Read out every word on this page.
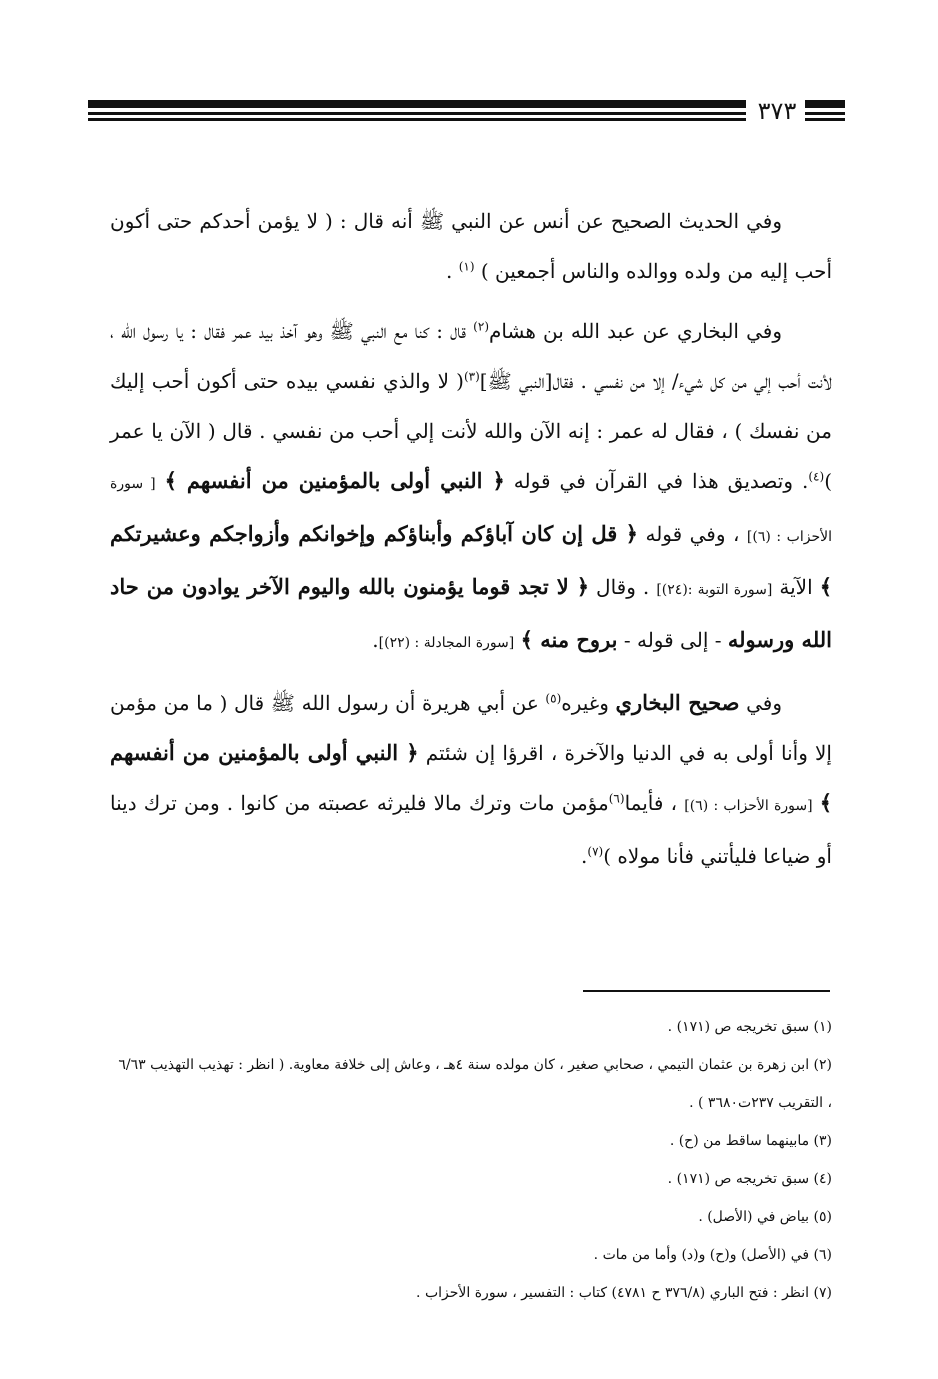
٣٧٣

وفي الحديث الصحيح عن أنس عن النبي ﷺ أنه قال : ( لا يؤمن أحدكم حتى أكون أحب إليه من ولده ووالده والناس أجمعين ) $^{(١)}$ .

وفي البخاري عن عبد الله بن هشام$^{(٢)}$ قال : كنا مع النبي ﷺ وهو آخذ بيد عمر فقال : يا رسول الله ، لأنت أحب إلي من كل شيء/ إلا من نفسي . فقال[النبي ﷺ]$^{(٣)}$( لا والذي نفسي بيده حتى أكون أحب إليك من نفسك ) ، فقال له عمر : إنه الآن والله لأنت إلي أحب من نفسي . قال ( الآن يا عمر )$^{(٤)}$. وتصديق هذا في القرآن في قوله ﴿ النبي أولى بالمؤمنين من أنفسهم ﴾ [ سورة الأحزاب : (٦)] ، وفي قوله ﴿ قل إن كان آباؤكم وأبناؤكم وإخوانكم وأزواجكم وعشيرتكم ﴾ الآية [سورة التوبة :(٢٤)] . وقال ﴿ لا تجد قوما يؤمنون بالله واليوم الآخر يوادون من حاد الله ورسوله - إلى قوله - بروح منه ﴾ [سورة المجادلة : (٢٢)].

وفي صحيح البخاري وغيره$^{(٥)}$ عن أبي هريرة أن رسول الله ﷺ قال ( ما من مؤمن إلا وأنا أولى به في الدنيا والآخرة ، اقرؤا إن شئتم ﴿ النبي أولى بالمؤمنين من أنفسهم ﴾ [سورة الأحزاب : (٦)] ، فأيما$^{(٦)}$مؤمن مات وترك مالا فليرثه عصبته من كانوا . ومن ترك دينا أو ضياعا فليأتني فأنا مولاه )$^{(٧)}$.

(١) سبق تخريجه ص (١٧١) .

(٢) ابن زهرة بن عثمان التيمي ، صحابي صغير ، كان مولده سنة ٤هـ ، وعاش إلى خلافة معاوية. ( انظر : تهذيب التهذيب ٦/٦٣ ، التقريب ٢٣٧ت٣٦٨٠ ) .

(٣) مابينهما ساقط من (ح) .

(٤) سبق تخريجه ص (١٧١) .

(٥) بياض في (الأصل) .

(٦) في (الأصل) و(ح) و(د) وأما من مات .

(٧) انظر : فتح الباري (٣٧٦/٨ ح ٤٧٨١) كتاب : التفسير ، سورة الأحزاب .
